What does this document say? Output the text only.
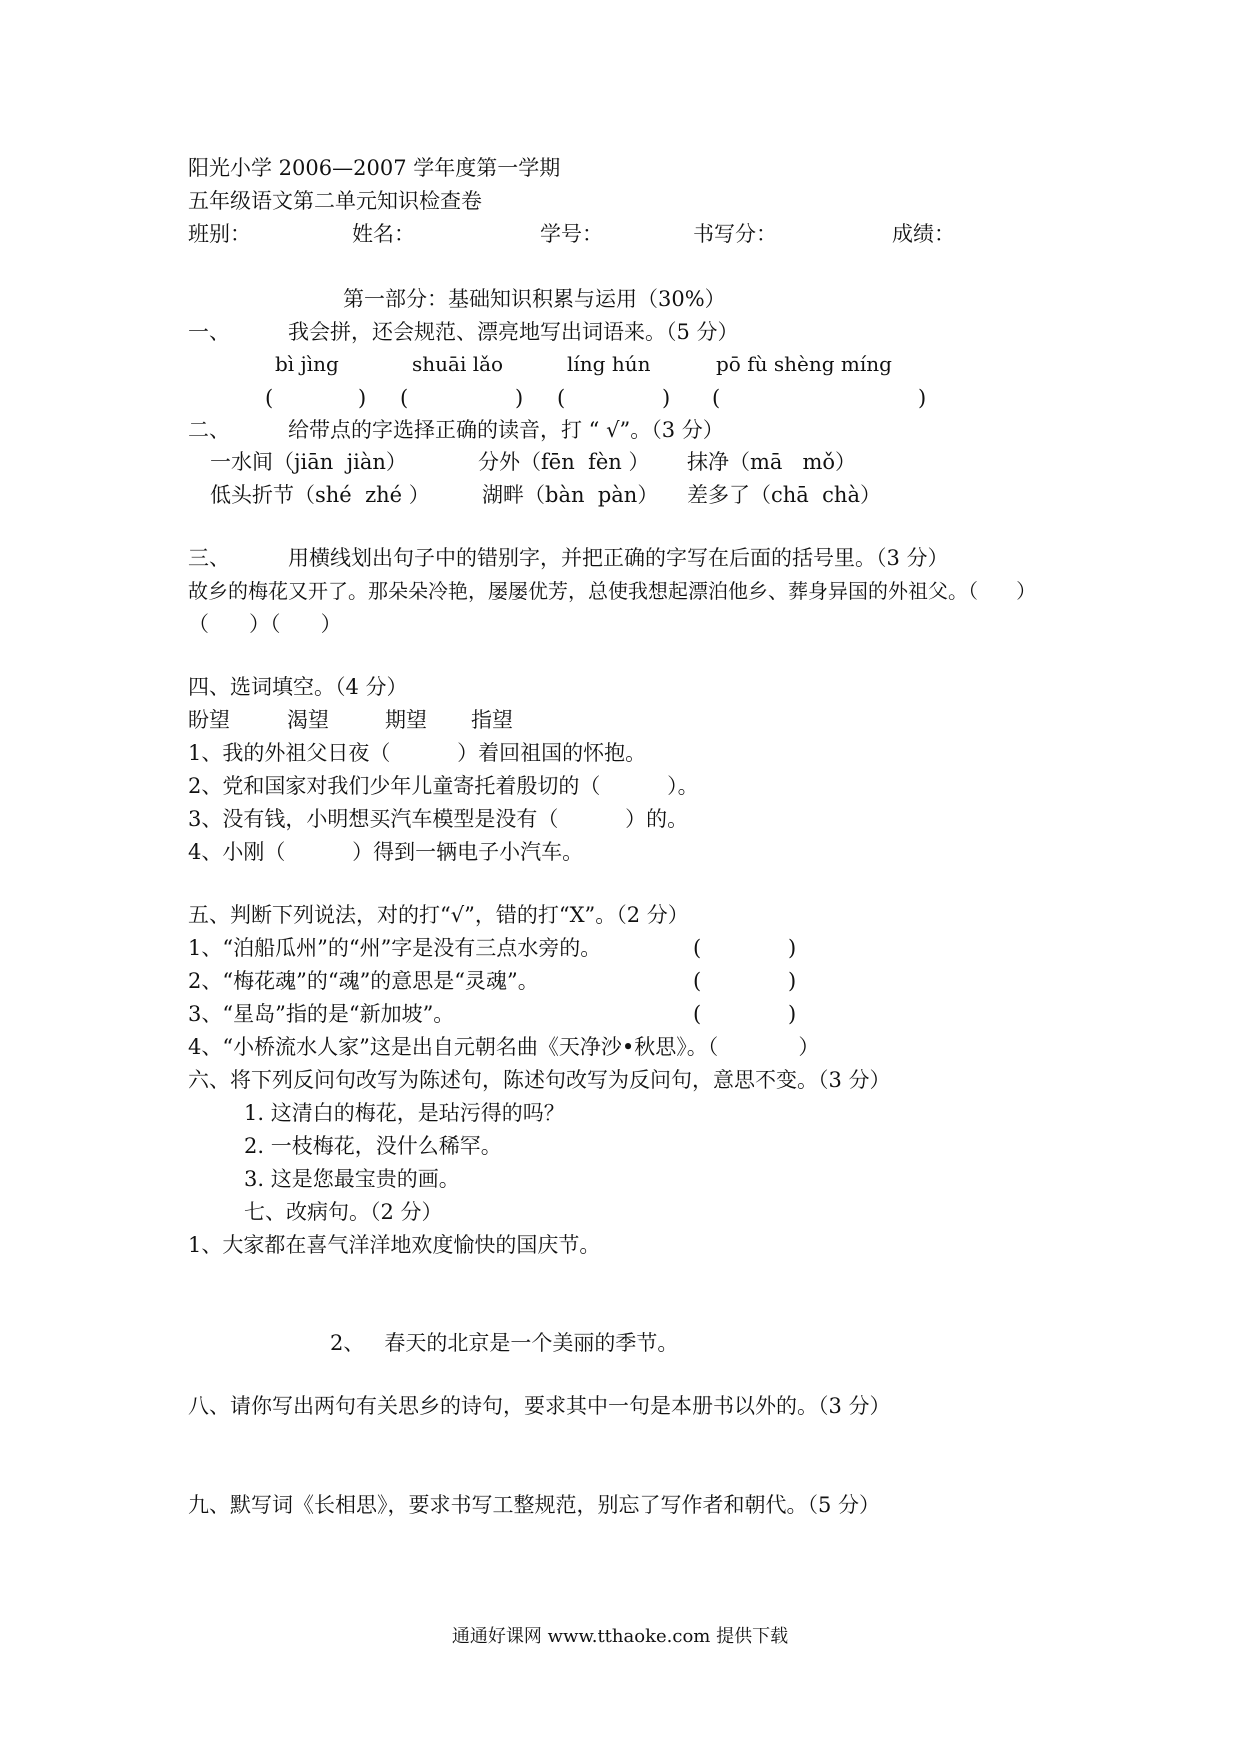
阳光小学 2006—2007 学年度第一学期
五年级语文第二单元知识检查卷
班别：	姓名：	学号：	书写分：	成绩：
第一部分：基础知识积累与运用（30%）
一、	我会拼，还会规范、漂亮地写出词语来。（5 分）
bì jìng	shuāi lǎo	líng hún	pō fù shèng míng
(	) (	) (	) (	)
二、	给带点的字选择正确的读音，打 “ √”。（3 分）
一水间（jiān  jiàn）	分外（fēn  fèn ） 抹净（mā   mǒ）
低头折节（shé  zhé ） 湖畔（bàn  pàn） 差多了（chā  chà）
三、	用横线划出句子中的错别字，并把正确的字写在后面的括号里。（3 分）
故乡的梅花又开了。那朵朵冷艳，屡屡优芳，总使我想起漂泊他乡、葬身异国的外祖父。（      ）
（      ）（      ）
四、选词填空。（4 分）
盼望	渴望	期望 指望
1、我的外祖父日夜（          ）着回祖国的怀抱。
2、党和国家对我们少年儿童寄托着殷切的（          ）。
3、没有钱，小明想买汽车模型是没有（          ）的。
4、小刚（          ）得到一辆电子小汽车。
五、判断下列说法，对的打“√”，错的打“X”。（2 分）
1、“泊船瓜州”的“州”字是没有三点水旁的。	(	)
2、“梅花魂”的“魂”的意思是“灵魂”。	(	)
3、“星岛”指的是“新加坡”。	(	)
4、“小桥流水人家”这是出自元朝名曲《天净沙•秋思》。（            ）
六、将下列反问句改写为陈述句，陈述句改写为反问句，意思不变。（3 分）
1. 这清白的梅花，是玷污得的吗？
2. 一枝梅花，没什么稀罕。
3. 这是您最宝贵的画。
七、改病句。（2 分）
1、大家都在喜气洋洋地欢度愉快的国庆节。
2、   春天的北京是一个美丽的季节。
八、请你写出两句有关思乡的诗句，要求其中一句是本册书以外的。（3 分）
九、默写词《长相思》，要求书写工整规范，别忘了写作者和朝代。（5 分）
通通好课网 www.tthaoke.com 提供下载
